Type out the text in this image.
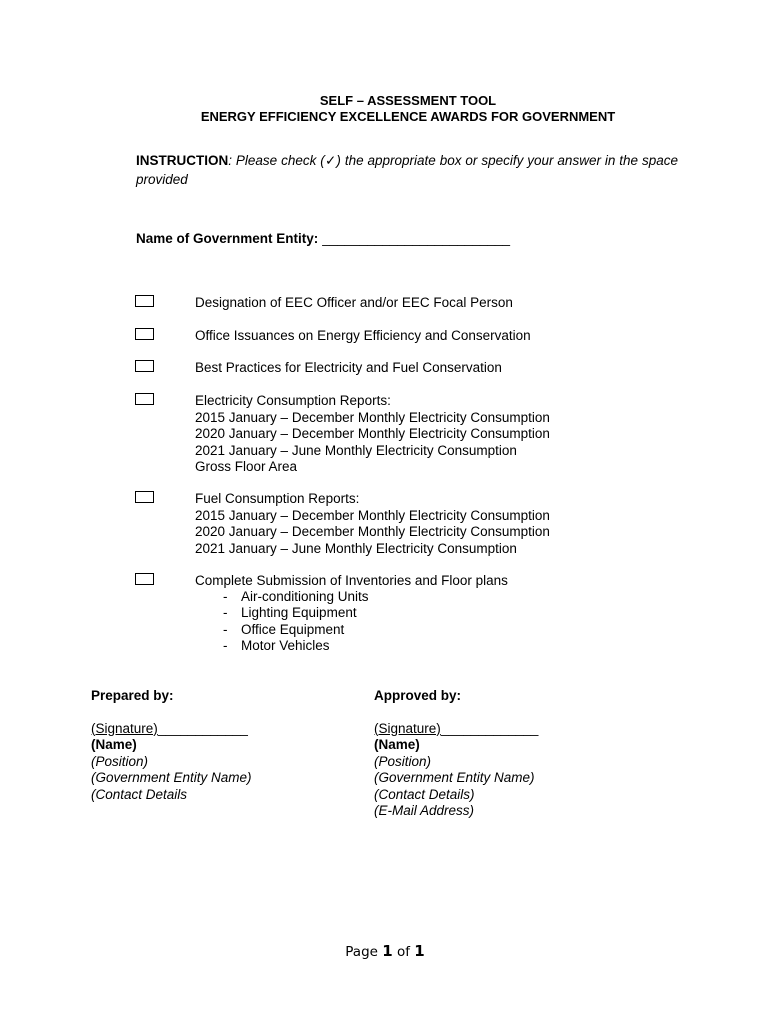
SELF – ASSESSMENT TOOL
ENERGY EFFICIENCY EXCELLENCE AWARDS FOR GOVERNMENT
INSTRUCTION: Please check (✓) the appropriate box or specify your answer in the space provided
Name of Government Entity: _________________________
Designation of EEC Officer and/or EEC Focal Person
Office Issuances on Energy Efficiency and Conservation
Best Practices for Electricity and Fuel Conservation
Electricity Consumption Reports:
2015 January – December Monthly Electricity Consumption
2020 January – December Monthly Electricity Consumption
2021 January – June Monthly Electricity Consumption
Gross Floor Area
Fuel Consumption Reports:
2015 January – December Monthly Electricity Consumption
2020 January – December Monthly Electricity Consumption
2021 January – June Monthly Electricity Consumption
Complete Submission of Inventories and Floor plans
- Air-conditioning Units
- Lighting Equipment
- Office Equipment
- Motor Vehicles
Prepared by:
(Signature)____________
(Name)
(Position)
(Government Entity Name)
(Contact Details
Approved by:
(Signature)_____________
(Name)
(Position)
(Government Entity Name)
(Contact Details)
(E-Mail Address)
Page 1 of 1
